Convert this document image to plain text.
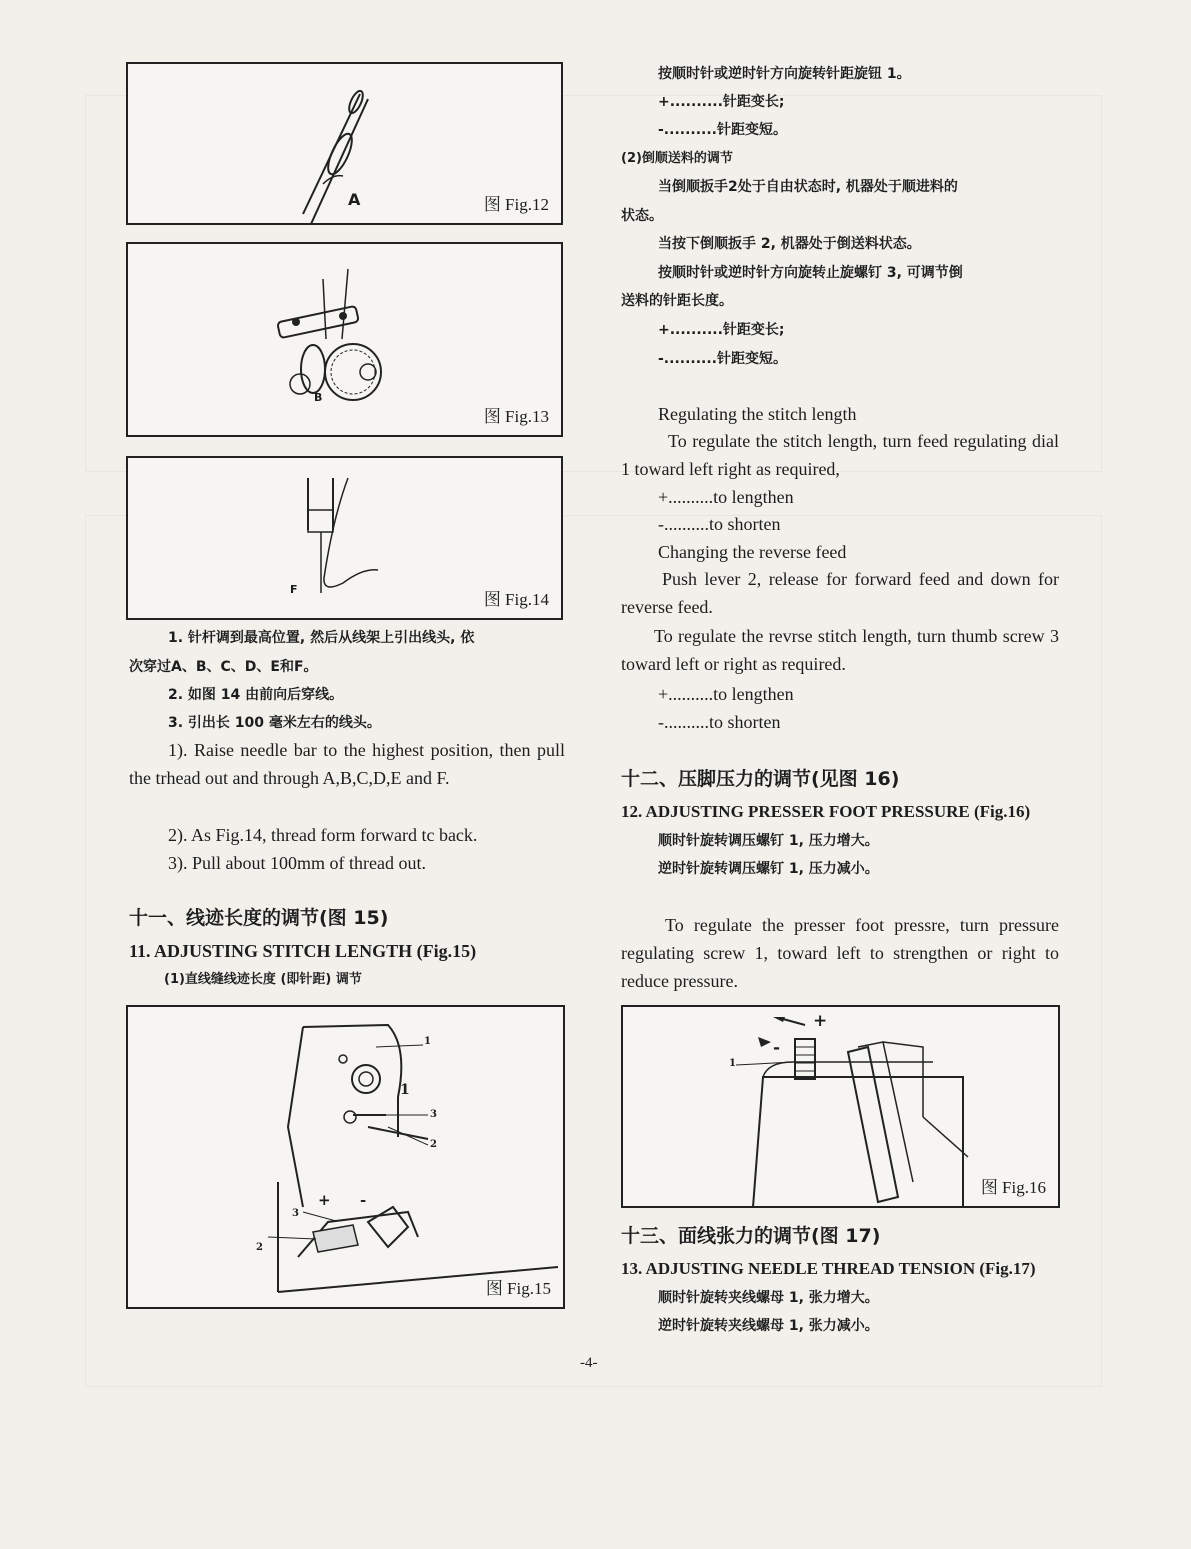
A	图 Fig.12
B
图 Fig.13
F
图 Fig.14
1. 针杆调到最高位置, 然后从线架上引出线头, 依
次穿过A、B、C、D、E和F。
2. 如图 14 由前向后穿线。
3. 引出长 100 毫米左右的线头。
1). Raise needle bar to the highest position, then pull the trhead out and through A,B,C,D,E and F.
2). As Fig.14, thread form forward tc back.
3). Pull about 100mm of thread out.
十一、线迹长度的调节(图 15)
11. ADJUSTING STITCH LENGTH (Fig.15)
(1)直线缝线迹长度 (即针距) 调节
1
3
2
1
+ -
3
2
图 Fig.15
按顺时针或逆时针方向旋转针距旋钮 1。
+..........针距变长;
-..........针距变短。
(2)倒顺送料的调节
当倒顺扳手2处于自由状态时, 机器处于顺进料的
状态。
当按下倒顺扳手 2, 机器处于倒送料状态。
按顺时针或逆时针方向旋转止旋螺钉 3, 可调节倒
送料的针距长度。
+..........针距变长;
-..........针距变短。
Regulating the stitch length
To regulate the stitch length, turn feed regulating dial 1 toward left right as required,
+..........to lengthen
-..........to shorten
Changing the reverse feed
Push lever 2, release for forward feed and down for reverse feed.
To regulate the revrse stitch length, turn thumb screw 3 toward left or right as required.
+..........to lengthen
-..........to shorten
十二、压脚压力的调节(见图 16)
12. ADJUSTING PRESSER FOOT PRESSURE (Fig.16)
顺时针旋转调压螺钉 1, 压力增大。
逆时针旋转调压螺钉 1, 压力减小。
To regulate the presser foot pressre, turn pressure regulating screw 1, toward left to strengthen or right to reduce pressure.
+
-
1
图 Fig.16
十三、面线张力的调节(图 17)
13. ADJUSTING NEEDLE THREAD TENSION (Fig.17)
顺时针旋转夹线螺母 1, 张力增大。
逆时针旋转夹线螺母 1, 张力减小。
-4-
